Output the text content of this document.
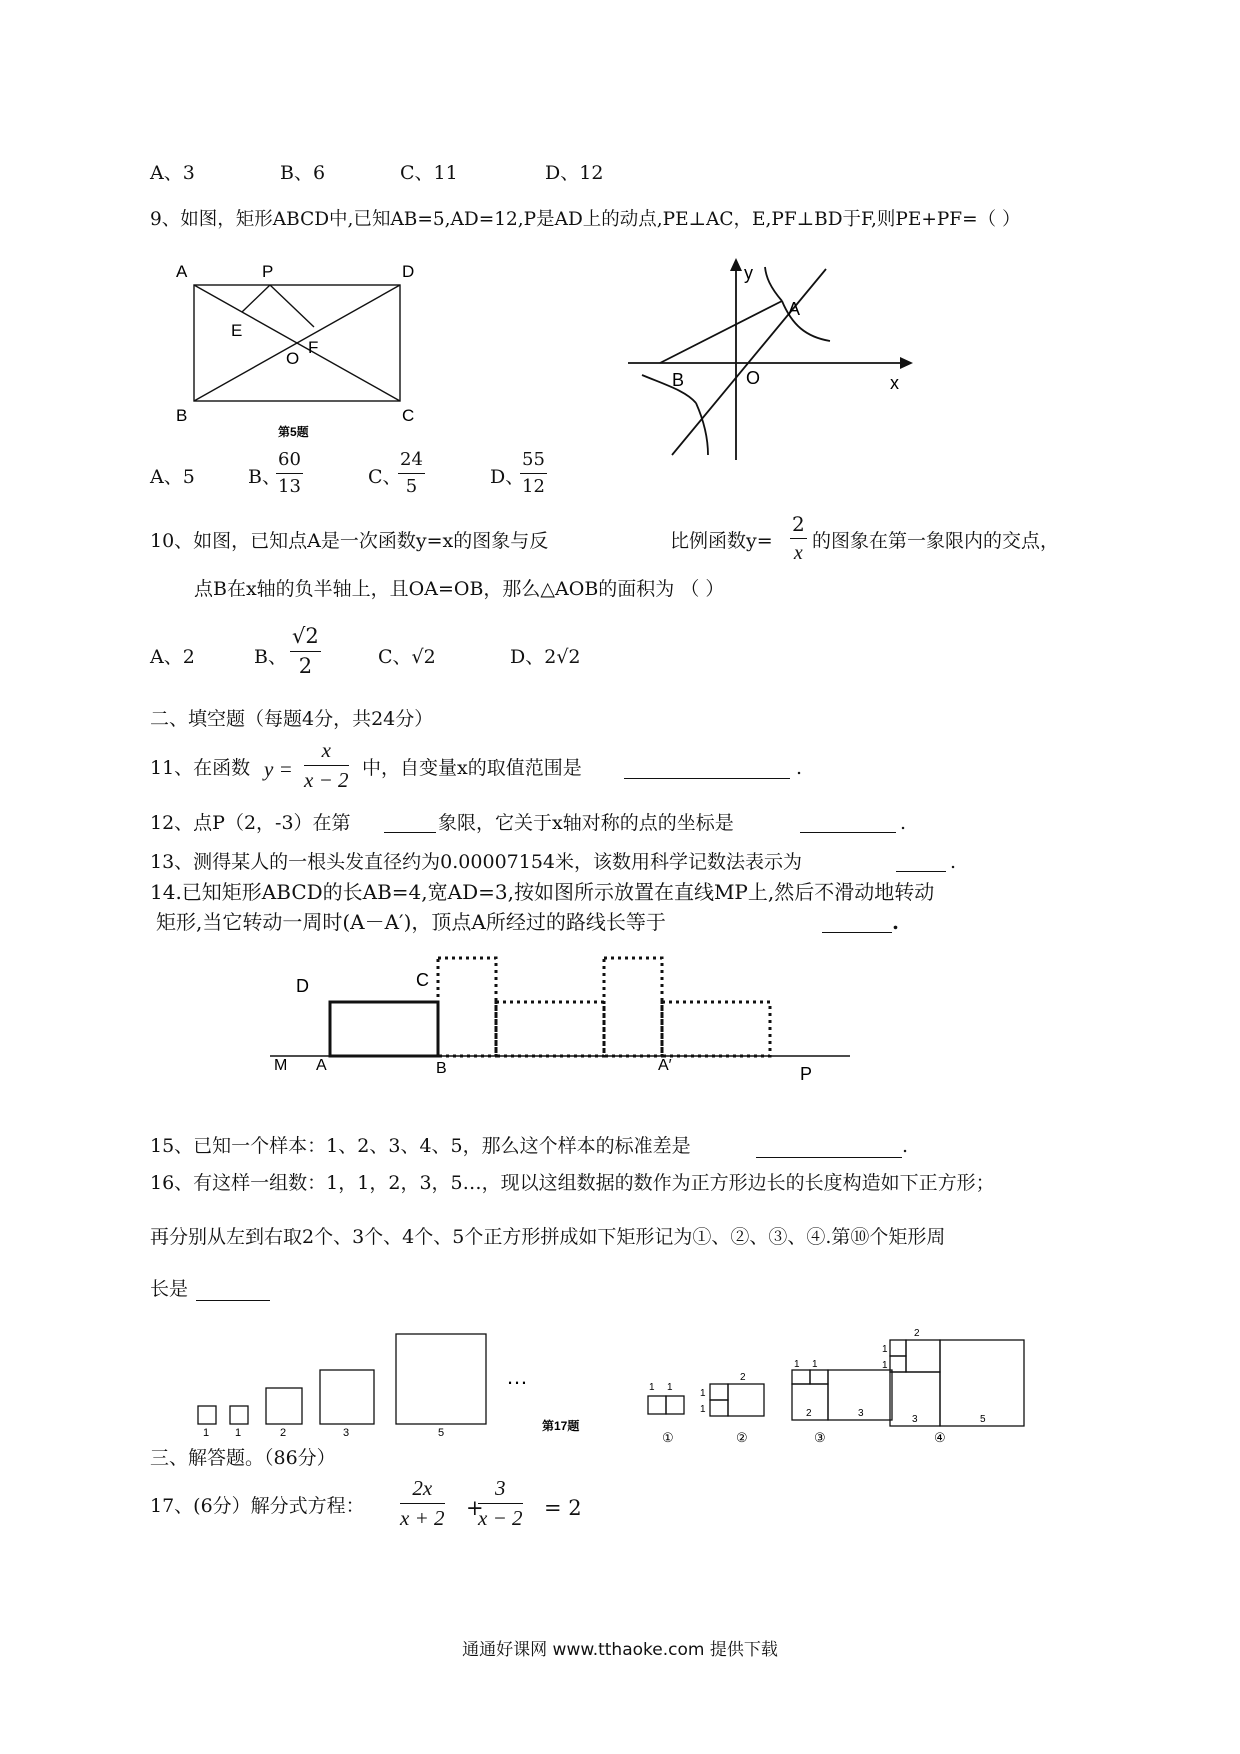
A、3	B、6	C、11	D、12
9、如图，矩形ABCD中,已知AB=5,AD=12,P是AD上的动点,PE⊥AC，E,PF⊥BD于F,则PE+PF=（ ）
A	P	D
E
O
F
B	C
第5题
y
x
A
B	O
A、5	B、
$\frac{60}{13}$	C、
$\frac{24}{5}$	D、
$\frac{55}{12}$
10、如图，已知点A是一次函数y=x的图象与反	比例函数$y= \frac{2}{x}$ 的图象在第一象限内的交点，
点B在x轴的负半轴上，且OA=OB，那么△AOB的面积为 （ ）
A、2	B、 $\frac{√2}{2}$	C、√2	D、2√2
二、填空题（每题4分，共24分）
11、在函数 $y = \frac{x}{x - 2}$ 中，自变量x的取值范围是	.
12、点P（2，-3）在第	象限，它关于x轴对称的点的坐标是	.
13、测得某人的一根头发直径约为0.00007154米，该数用科学记数法表示为	.
14.已知矩形ABCD的长AB=4,宽AD=3,按如图所示放置在直线MP上,然后不滑动地转动
矩形,当它转动一周时(A－A′)，顶点A所经过的路线长等于	.
D	C
M A	B	A′	P
15、已知一个样本：1、2、3、4、5，那么这个样本的标准差是	.
16、有这样一组数：1，1，2，3，5…，现以这组数据的数作为正方形边长的长度构造如下正方形；
再分别从左到右取2个、3个、4个、5个正方形拼成如下矩形记为①、②、③、④.第⑩个矩形周
长是
1 1	2	3	5
…
第17题
1 1
2
1
1
1 1
2	3
2
1
1
3	5
①	②	③	④
三、解答题。（86分）
17、(6分）解分式方程： $\frac{2x}{x + 2}$ +
$\frac{3}{x - 2} = 2$
通通好课网 www.tthaoke.com 提供下载
